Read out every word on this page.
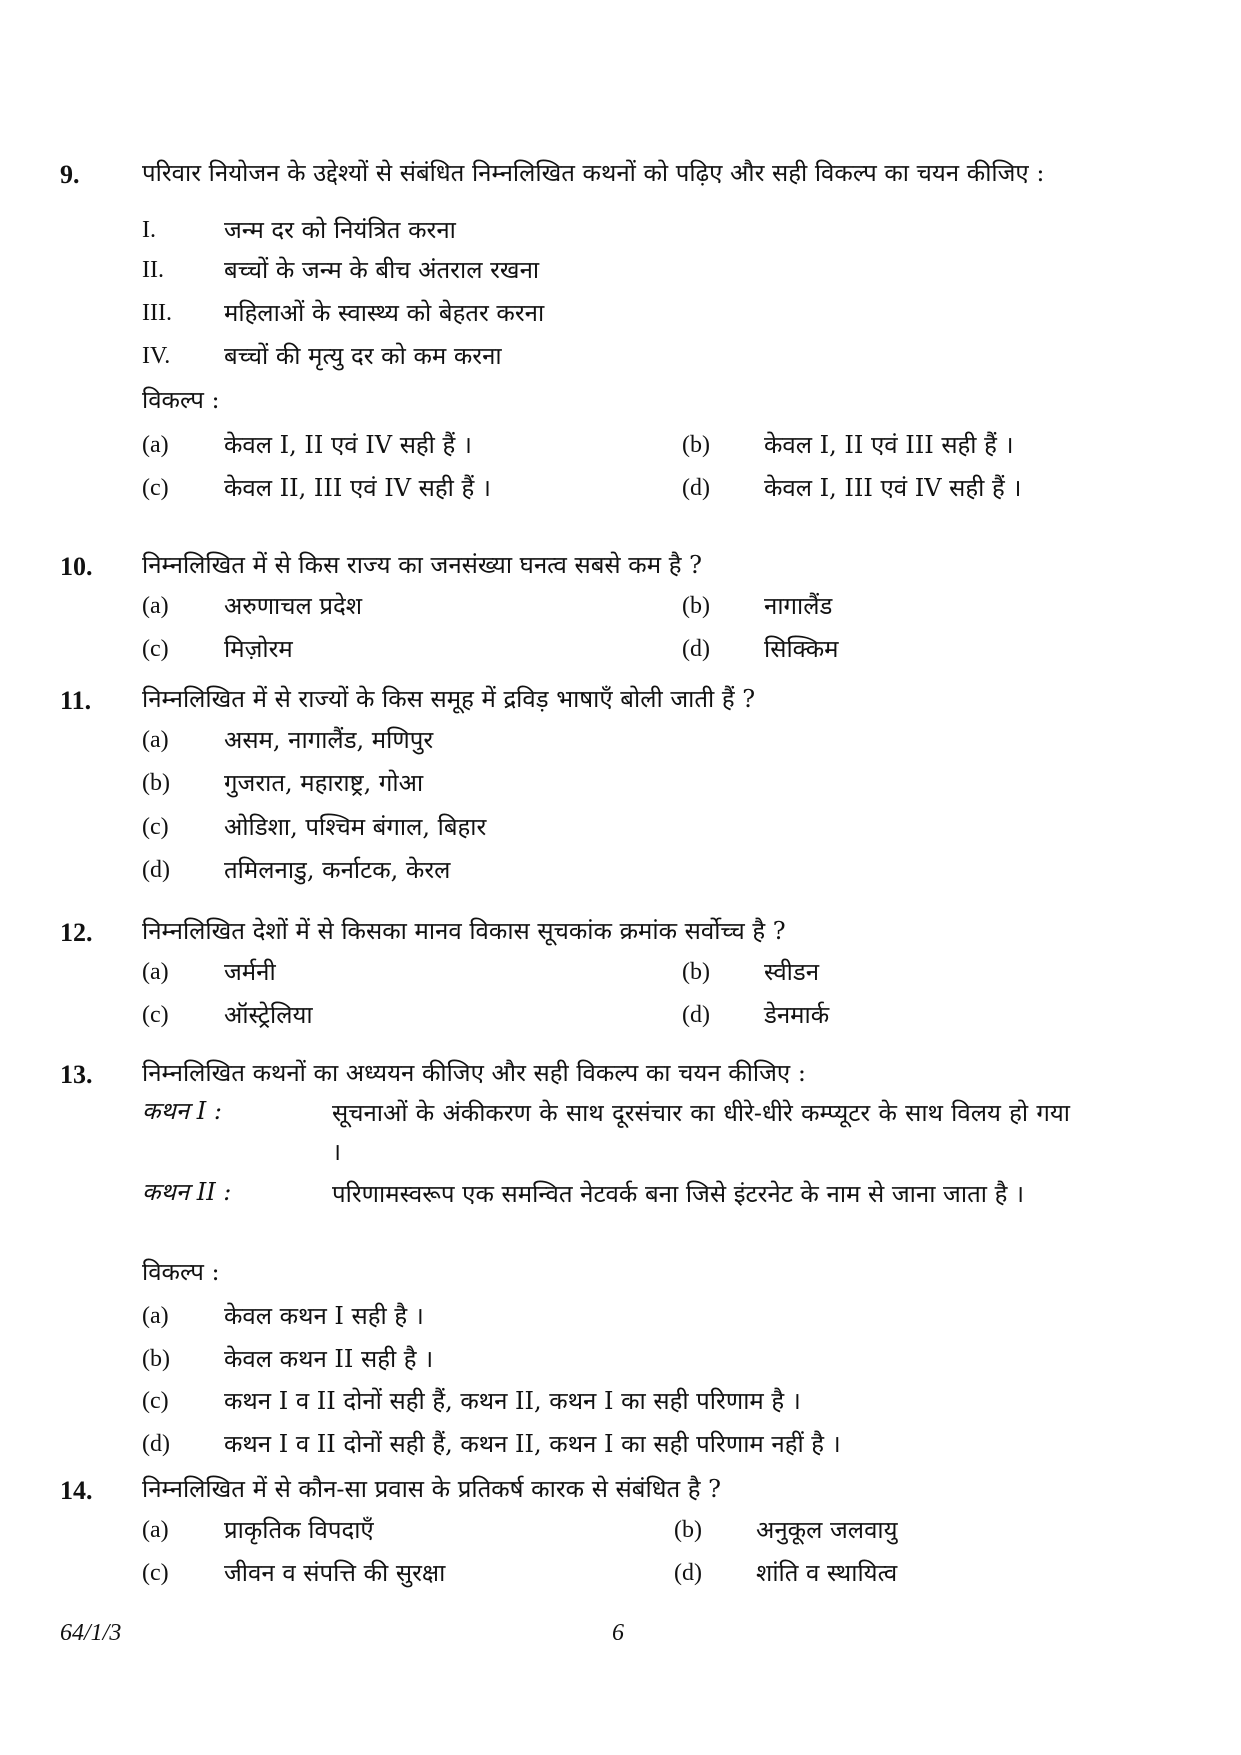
9.	परिवार नियोजन के उद्देश्यों से संबंधित निम्नलिखित कथनों को पढ़िए और सही विकल्प का चयन कीजिए :
I.	जन्म दर को नियंत्रित करना
II.	बच्चों के जन्म के बीच अंतराल रखना
III. महिलाओं के स्वास्थ्य को बेहतर करना
IV. बच्चों की मृत्यु दर को कम करना
विकल्प :
(a) केवल I, II एवं IV सही हैं ।	(b) केवल I, II एवं III सही हैं ।
(c) केवल II, III एवं IV सही हैं ।	(d) केवल I, III एवं IV सही हैं ।
10. निम्नलिखित में से किस राज्य का जनसंख्या घनत्व सबसे कम है ?
(a) अरुणाचल प्रदेश	(b) नागालैंड
(c) मिज़ोरम	(d) सिक्किम
11. निम्नलिखित में से राज्यों के किस समूह में द्रविड़ भाषाएँ बोली जाती हैं ?
(a) असम, नागालैंड, मणिपुर
(b) गुजरात, महाराष्ट्र, गोआ
(c) ओडिशा, पश्चिम बंगाल, बिहार
(d) तमिलनाडु, कर्नाटक, केरल
12. निम्नलिखित देशों में से किसका मानव विकास सूचकांक क्रमांक सर्वोच्च है ?
(a) जर्मनी	(b) स्वीडन
(c) ऑस्ट्रेलिया	(d) डेनमार्क
13. निम्नलिखित कथनों का अध्ययन कीजिए और सही विकल्प का चयन कीजिए :
कथन I :	सूचनाओं के अंकीकरण के साथ दूरसंचार का धीरे-धीरे कम्प्यूटर के साथ विलय हो गया ।
कथन II :	परिणामस्वरूप एक समन्वित नेटवर्क बना जिसे इंटरनेट के नाम से जाना जाता है ।
विकल्प :
(a) केवल कथन I सही है ।
(b) केवल कथन II सही है ।
(c) कथन I व II दोनों सही हैं, कथन II, कथन I का सही परिणाम है ।
(d) कथन I व II दोनों सही हैं, कथन II, कथन I का सही परिणाम नहीं है ।
14. निम्नलिखित में से कौन-सा प्रवास के प्रतिकर्ष कारक से संबंधित है ?
(a) प्राकृतिक विपदाएँ	(b) अनुकूल जलवायु
(c) जीवन व संपत्ति की सुरक्षा	(d) शांति व स्थायित्व
64/1/3	6
